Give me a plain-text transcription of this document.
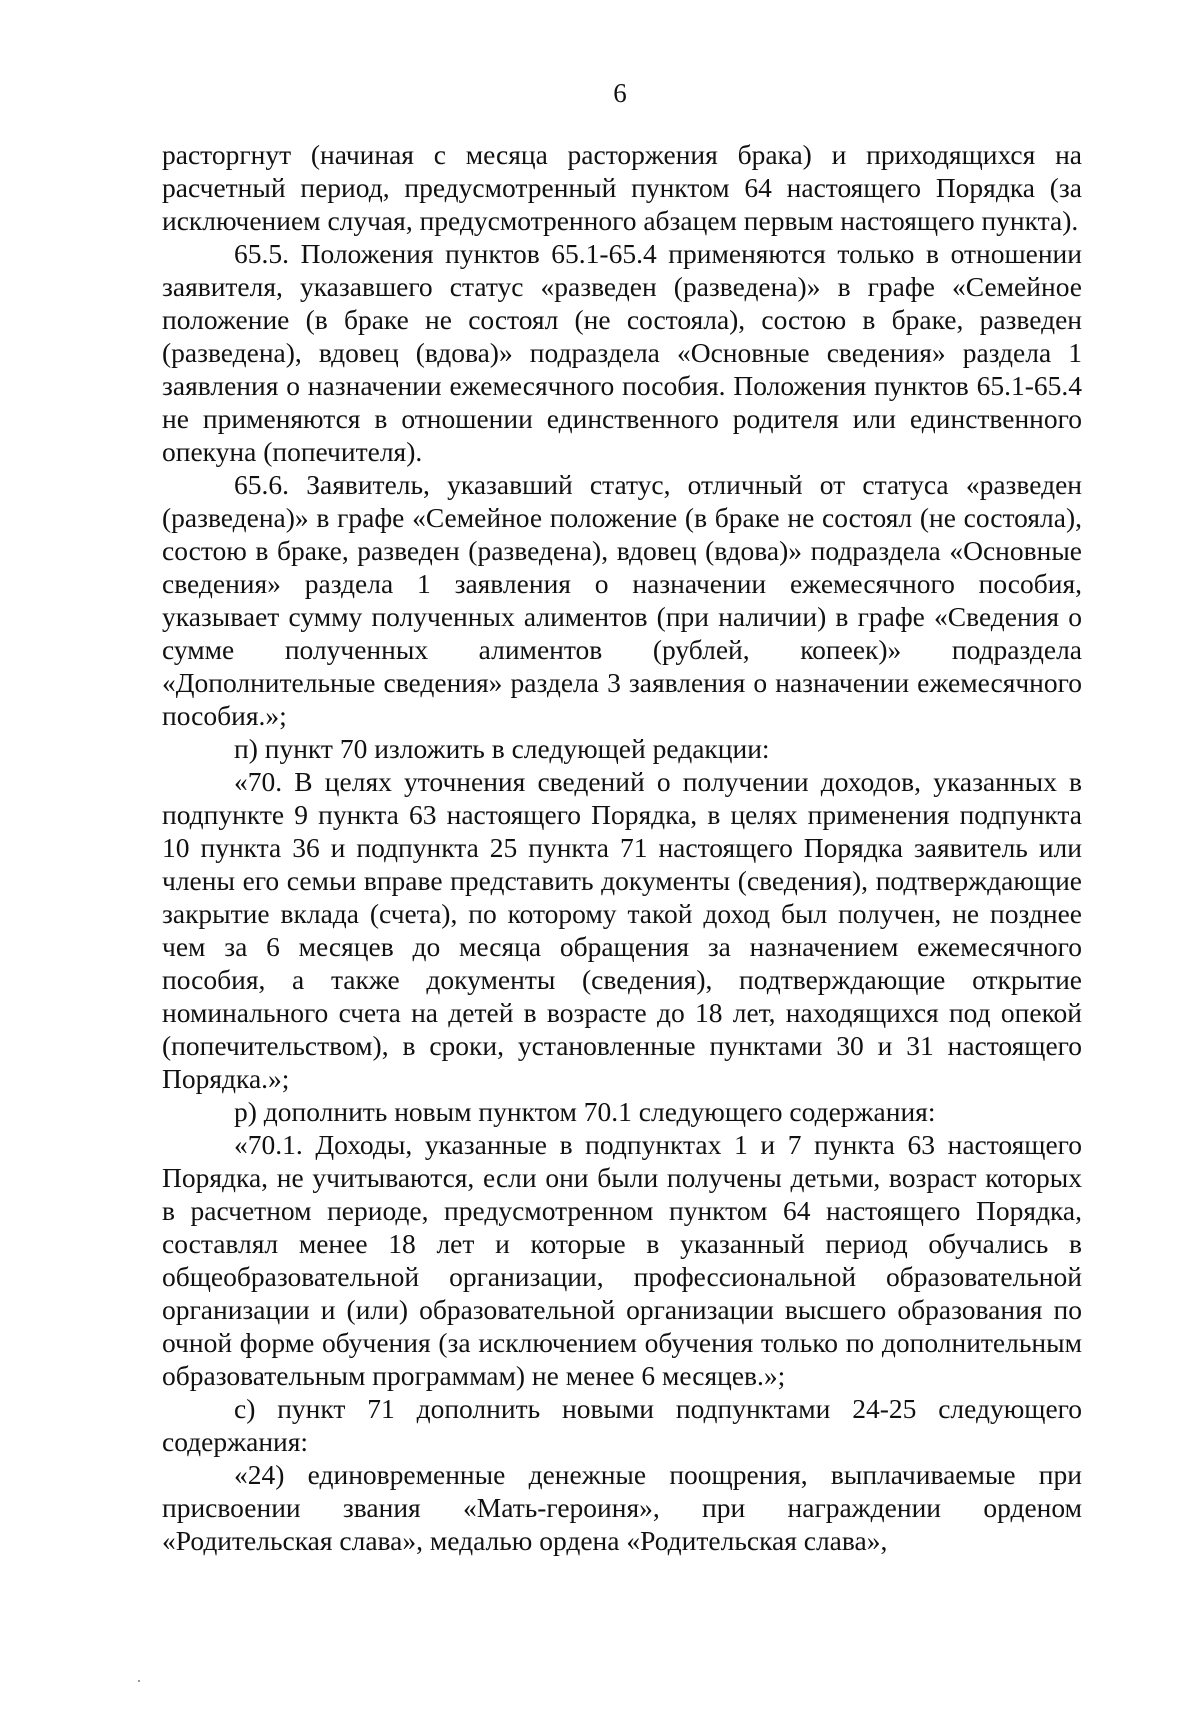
6

расторгнут (начиная с месяца расторжения брака) и приходящихся на расчетный период, предусмотренный пунктом 64 настоящего Порядка (за исключением случая, предусмотренного абзацем первым настоящего пункта).

65.5. Положения пунктов 65.1-65.4 применяются только в отношении заявителя, указавшего статус «разведен (разведена)» в графе «Семейное положение (в браке не состоял (не состояла), состою в браке, разведен (разведена), вдовец (вдова)» подраздела «Основные сведения» раздела 1 заявления о назначении ежемесячного пособия. Положения пунктов 65.1-65.4 не применяются в отношении единственного родителя или единственного опекуна (попечителя).

65.6. Заявитель, указавший статус, отличный от статуса «разведен (разведена)» в графе «Семейное положение (в браке не состоял (не состояла), состою в браке, разведен (разведена), вдовец (вдова)» подраздела «Основные сведения» раздела 1 заявления о назначении ежемесячного пособия, указывает сумму полученных алиментов (при наличии) в графе «Сведения о сумме полученных алиментов (рублей, копеек)» подраздела «Дополнительные сведения» раздела 3 заявления о назначении ежемесячного пособия.»;

п) пункт 70 изложить в следующей редакции:

«70. В целях уточнения сведений о получении доходов, указанных в подпункте 9 пункта 63 настоящего Порядка, в целях применения подпункта 10 пункта 36 и подпункта 25 пункта 71 настоящего Порядка заявитель или члены его семьи вправе представить документы (сведения), подтверждающие закрытие вклада (счета), по которому такой доход был получен, не позднее чем за 6 месяцев до месяца обращения за назначением ежемесячного пособия, а также документы (сведения), подтверждающие открытие номинального счета на детей в возрасте до 18 лет, находящихся под опекой (попечительством), в сроки, установленные пунктами 30 и 31 настоящего Порядка.»;

р) дополнить новым пунктом 70.1 следующего содержания:

«70.1. Доходы, указанные в подпунктах 1 и 7 пункта 63 настоящего Порядка, не учитываются, если они были получены детьми, возраст которых в расчетном периоде, предусмотренном пунктом 64 настоящего Порядка, составлял менее 18 лет и которые в указанный период обучались в общеобразовательной организации, профессиональной образовательной организации и (или) образовательной организации высшего образования по очной форме обучения (за исключением обучения только по дополнительным образовательным программам) не менее 6 месяцев.»;

с) пункт 71 дополнить новыми подпунктами 24-25 следующего содержания:

«24) единовременные денежные поощрения, выплачиваемые при присвоении звания «Мать-героиня», при награждении орденом «Родительская слава», медалью ордена «Родительская слава»,
